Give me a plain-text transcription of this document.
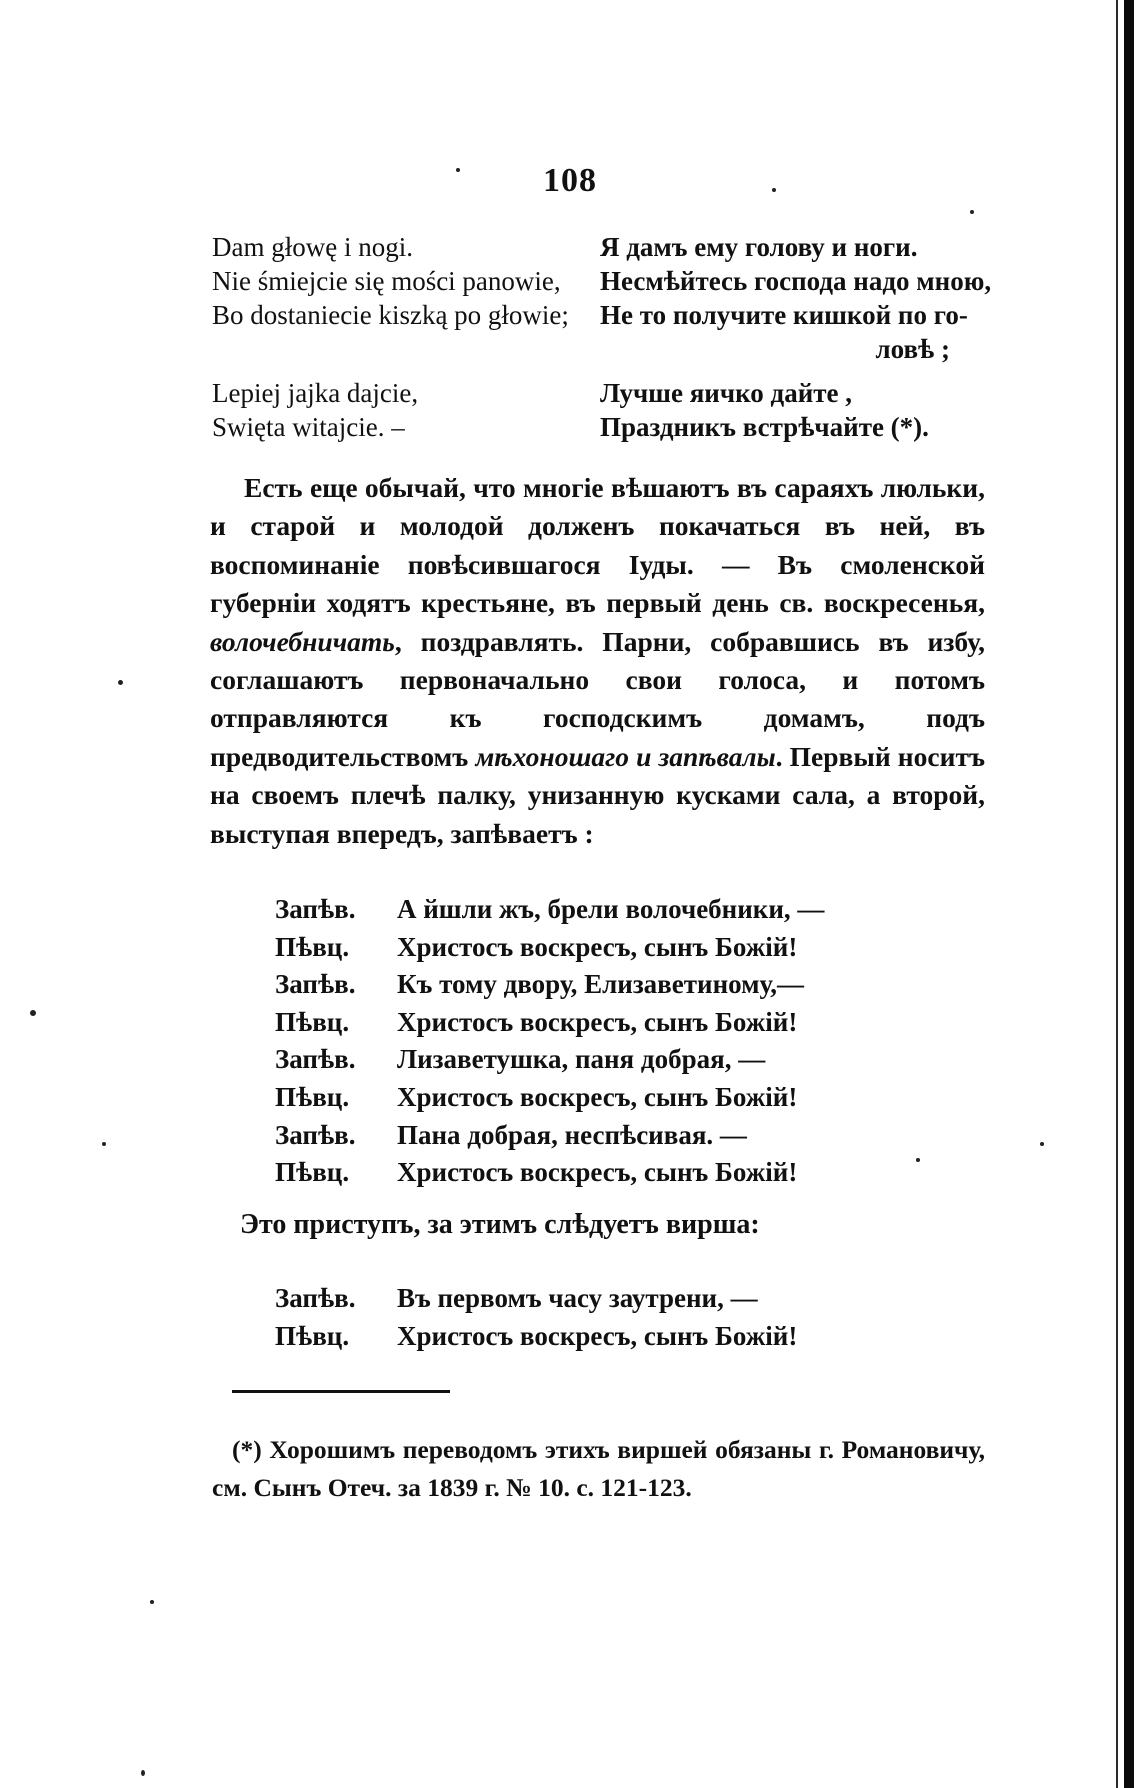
108
Dam głowę i nogi.	Я дамъ ему голову и ноги.
Nie śmiejcie się mości panowie,	Несмѣйтесь господа надо мною,
Bo dostaniecie kiszką po głowie;	Не то получите кишкой по го-
ловѣ ;
Lepiej jajka dajcie,	Лучше яичко дайте ,
Swięta witajcie. –	Праздникъ встрѣчайте (*).

Есть еще обычай, что многіе вѣшаютъ въ сараяхъ люльки, и старой и молодой долженъ покачаться въ ней, въ воспоминаніе повѣсившагося Іуды. — Въ смоленской губерніи ходятъ крестьяне, въ первый день св. воскресенья, волочебничать, поздравлять. Парни, собравшись въ избу, соглашаютъ первоначально свои голоса, и потомъ отправляются къ господскимъ домамъ, подъ предводительствомъ мѣхоношаго и запѣвалы. Первый носитъ на своемъ плечѣ палку, унизанную кусками сала, а второй, выступая впередъ, запѣваетъ :

Запѣв.	А йшли жъ, брели волочебники, —
Пѣвц.	Христосъ воскресъ, сынъ Божій!
Запѣв.	Къ тому двору, Елизаветиному,—
Пѣвц.	Христосъ воскресъ, сынъ Божій!
Запѣв.	Лизаветушка, паня добрая, —
Пѣвц.	Христосъ воскресъ, сынъ Божій!
Запѣв.	Пана добрая, неспѣсивая. —
Пѣвц.	Христосъ воскресъ, сынъ Божій!
Это приступъ, за этимъ слѣдуетъ вирша:
Запѣв.	Въ первомъ часу заутрени, —
Пѣвц.	Христосъ воскресъ, сынъ Божій!

(*) Хорошимъ переводомъ этихъ виршей обязаны г. Романовичу, см. Сынъ Отеч. за 1839 г. № 10. с. 121-123.
